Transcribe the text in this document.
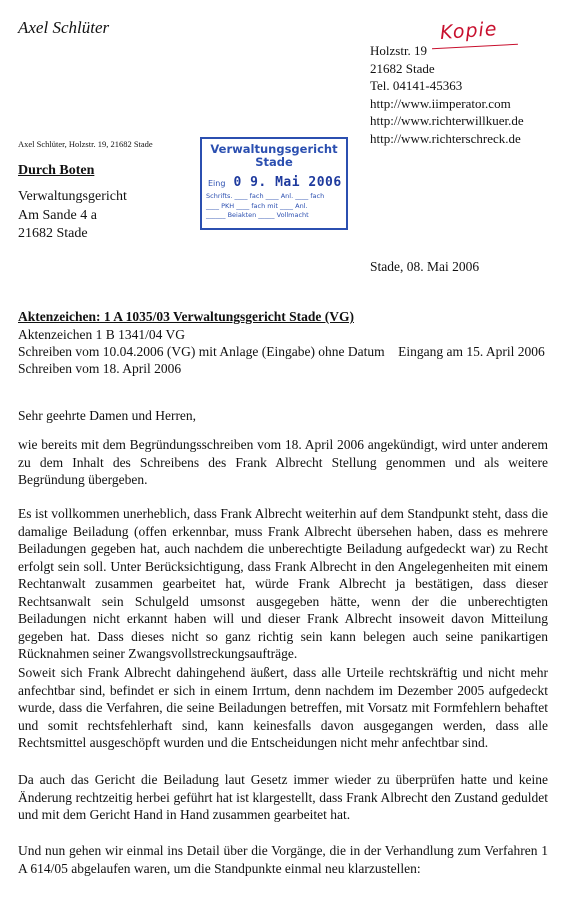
Axel Schlüter	Kopie
Holzstr. 19
21682 Stade
Tel. 04141-45363
http://www.iimperator.com
http://www.richterwillkuer.de
http://www.richterschreck.de
Axel Schlüter, Holzstr. 19, 21682 Stade
Durch Boten
Verwaltungsgericht
Am Sande 4 a
21682 Stade
Verwaltungsgericht
Stade
Eing 0 9. Mai 2006
Schrifts. ____ fach ____ Anl. ____ fach
____ PKH ____ fach mit ____ Anl.
______ Beiakten _____ Vollmacht
Stade, 08. Mai 2006
Aktenzeichen: 1 A 1035/03 Verwaltungsgericht Stade (VG)
Aktenzeichen 1 B 1341/04 VG
Schreiben vom 10.04.2006 (VG) mit Anlage (Eingabe) ohne Datum    Eingang am 15. April 2006
Schreiben vom 18. April 2006
Sehr geehrte Damen und Herren,
wie bereits mit dem Begründungsschreiben vom 18. April 2006 angekündigt, wird unter anderem zu dem Inhalt des Schreibens des Frank Albrecht Stellung genommen und als weitere Begründung übergeben.
Es ist vollkommen unerheblich, dass Frank Albrecht weiterhin auf dem Standpunkt steht, dass die damalige Beiladung (offen erkennbar, muss Frank Albrecht übersehen haben, dass es mehrere Beiladungen gegeben hat, auch nachdem die unberechtigte Beiladung aufgedeckt war) zu Recht erfolgt sein soll. Unter Berücksichtigung, dass Frank Albrecht in den Angelegenheiten mit einem Rechtanwalt zusammen gearbeitet hat, würde Frank Albrecht ja bestätigen, dass dieser Rechtsanwalt sein Schulgeld umsonst ausgegeben hätte, wenn der die unberechtigten Beiladungen nicht erkannt haben will und dieser Frank Albrecht insoweit davon Mitteilung gegeben hat. Dass dieses nicht so ganz richtig sein kann belegen auch seine panikartigen Rücknahmen seiner Zwangsvollstreckungsaufträge.
Soweit sich Frank Albrecht dahingehend äußert, dass alle Urteile rechtskräftig und nicht mehr anfechtbar sind, befindet er sich in einem Irrtum, denn nachdem im Dezember 2005 aufgedeckt wurde, dass die Verfahren, die seine Beiladungen betreffen, mit Vorsatz mit Formfehlern behaftet und somit rechtsfehlerhaft sind, kann keinesfalls davon ausgegangen werden, dass alle Rechtsmittel ausgeschöpft wurden und die Entscheidungen nicht mehr anfechtbar sind.
Da auch das Gericht die Beiladung laut Gesetz immer wieder zu überprüfen hatte und keine Änderung rechtzeitig herbei geführt hat ist klargestellt, dass Frank Albrecht den Zustand geduldet und mit dem Gericht Hand in Hand zusammen gearbeitet hat.
Und nun gehen wir einmal ins Detail über die Vorgänge, die in der Verhandlung zum Verfahren 1 A 614/05 abgelaufen waren, um die Standpunkte einmal neu klarzustellen:
